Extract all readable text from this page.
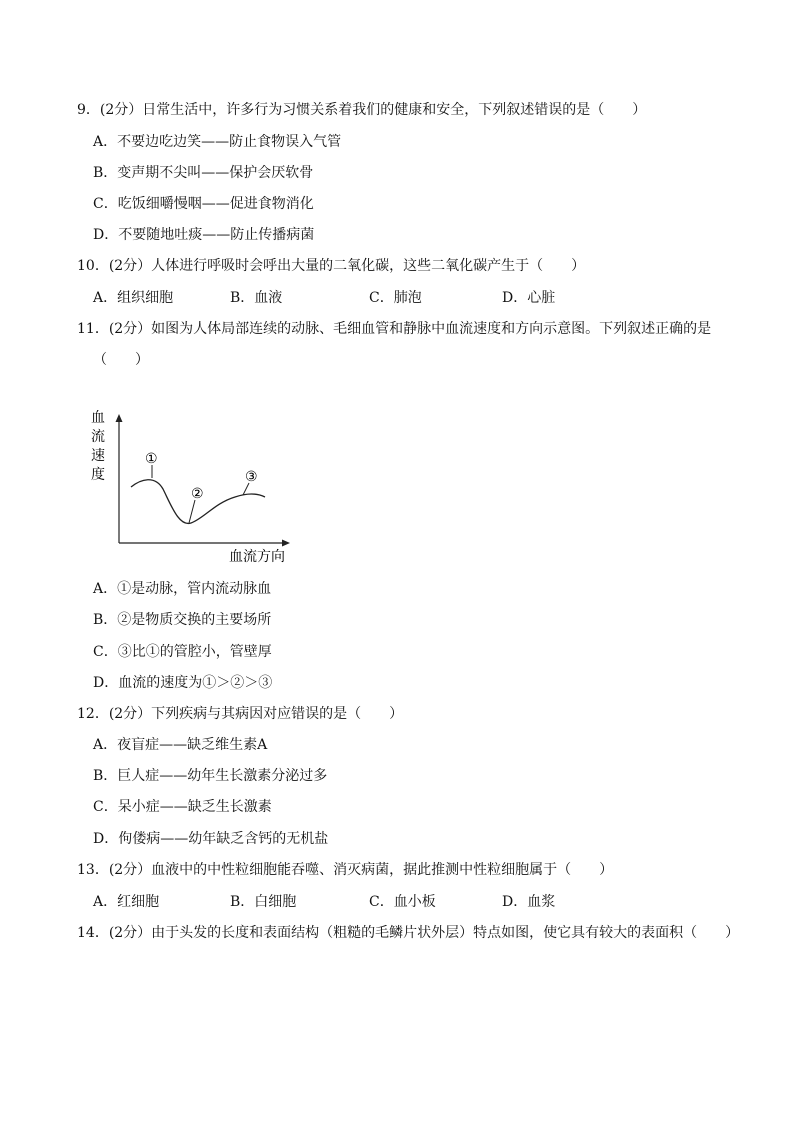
9．(2分）日常生活中，许多行为习惯关系着我们的健康和安全，下列叙述错误的是（　　）
A．不要边吃边笑——防止食物误入气管
B．变声期不尖叫——保护会厌软骨
C．吃饭细嚼慢咽——促进食物消化
D．不要随地吐痰——防止传播病菌
10．(2分）人体进行呼吸时会呼出大量的二氧化碳，这些二氧化碳产生于（　　）
A．组织细胞	B．血液	C．肺泡	D．心脏
11．(2分）如图为人体局部连续的动脉、毛细血管和静脉中血流速度和方向示意图。下列叙述正确的是
（　　）
血
流
速
度
①
②
③
血流方向
A．①是动脉，管内流动脉血
B．②是物质交换的主要场所
C．③比①的管腔小，管壁厚
D．血流的速度为①＞②＞③
12．(2分）下列疾病与其病因对应错误的是（　　）
A．夜盲症——缺乏维生素A
B．巨人症——幼年生长激素分泌过多
C．呆小症——缺乏生长激素
D．佝偻病——幼年缺乏含钙的无机盐
13．(2分）血液中的中性粒细胞能吞噬、消灭病菌，据此推测中性粒细胞属于（　　）
A．红细胞	B．白细胞	C．血小板	D．血浆
14．(2分）由于头发的长度和表面结构（粗糙的毛鳞片状外层）特点如图，使它具有较大的表面积（　　）
